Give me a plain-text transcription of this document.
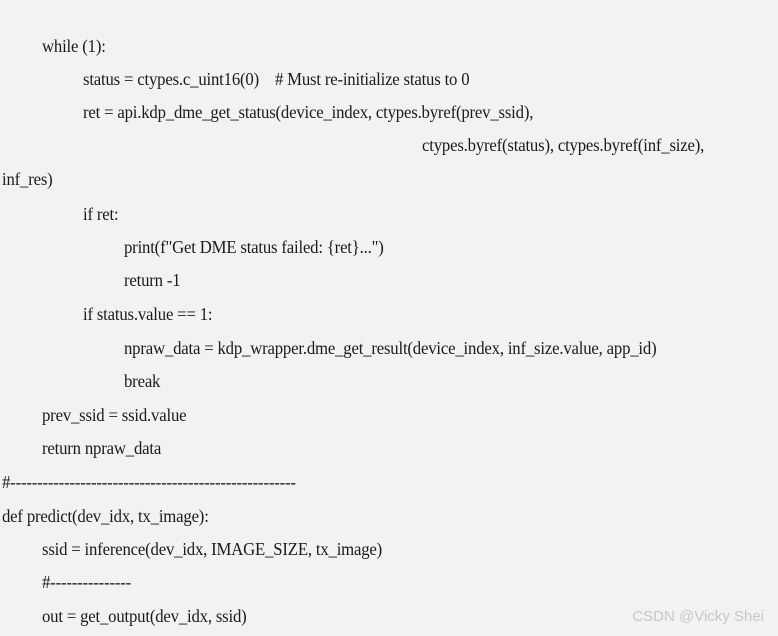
while (1):
status = ctypes.c_uint16(0)    # Must re-initialize status to 0
ret = api.kdp_dme_get_status(device_index, ctypes.byref(prev_ssid),
ctypes.byref(status), ctypes.byref(inf_size),
inf_res)
if ret:
print(f"Get DME status failed: {ret}...")
return -1
if status.value == 1:
npraw_data = kdp_wrapper.dme_get_result(device_index, inf_size.value, app_id)
break
prev_ssid = ssid.value
return npraw_data
#-----------------------------------------------------
def predict(dev_idx, tx_image):
ssid = inference(dev_idx, IMAGE_SIZE, tx_image)
#---------------
out = get_output(dev_idx, ssid)	CSDN @Vicky Shei
